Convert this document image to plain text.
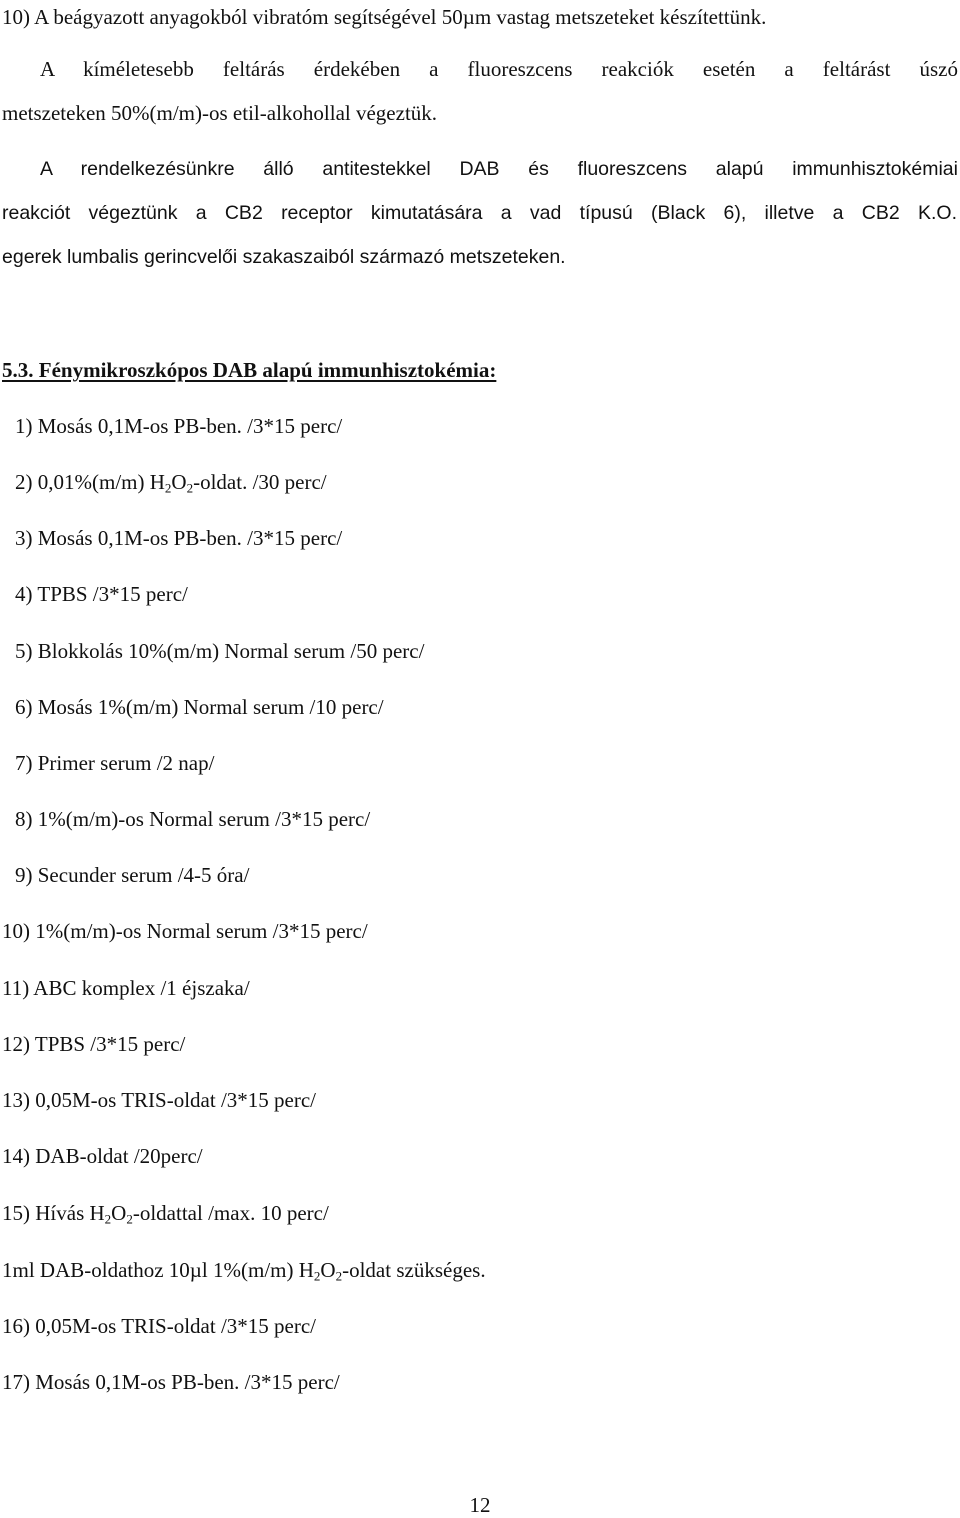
10) A beágyazott anyagokból vibratóm segítségével 50µm vastag metszeteket készítettünk.
A kíméletesebb feltárás érdekében a fluoreszcens reakciók esetén a feltárást úszó
metszeteken 50%(m/m)-os etil-alkohollal végeztük.
A rendelkezésünkre álló antitestekkel DAB és fluoreszcens alapú immunhisztokémiai
reakciót végeztünk a CB2 receptor kimutatására a vad típusú (Black 6), illetve a CB2 K.O.
egerek lumbalis gerincvelői szakaszaiból származó metszeteken.
5.3. Fénymikroszkópos DAB alapú immunhisztokémia:
1) Mosás 0,1M-os PB-ben. /3*15 perc/
2) 0,01%(m/m) $H_2O_2$-oldat. /30 perc/
3) Mosás 0,1M-os PB-ben. /3*15 perc/
4) TPBS /3*15 perc/
5) Blokkolás 10%(m/m) Normal serum /50 perc/
6) Mosás 1%(m/m) Normal serum /10 perc/
7) Primer serum /2 nap/
8) 1%(m/m)-os Normal serum /3*15 perc/
9) Secunder serum /4-5 óra/
10) 1%(m/m)-os Normal serum /3*15 perc/
11) ABC komplex /1 éjszaka/
12) TPBS /3*15 perc/
13) 0,05M-os TRIS-oldat /3*15 perc/
14) DAB-oldat /20perc/
15) Hívás $H_2O_2$-oldattal /max. 10 perc/
1ml DAB-oldathoz 10µl 1%(m/m) $H_2O_2$-oldat szükséges.
16) 0,05M-os TRIS-oldat /3*15 perc/
17) Mosás 0,1M-os PB-ben. /3*15 perc/
12
